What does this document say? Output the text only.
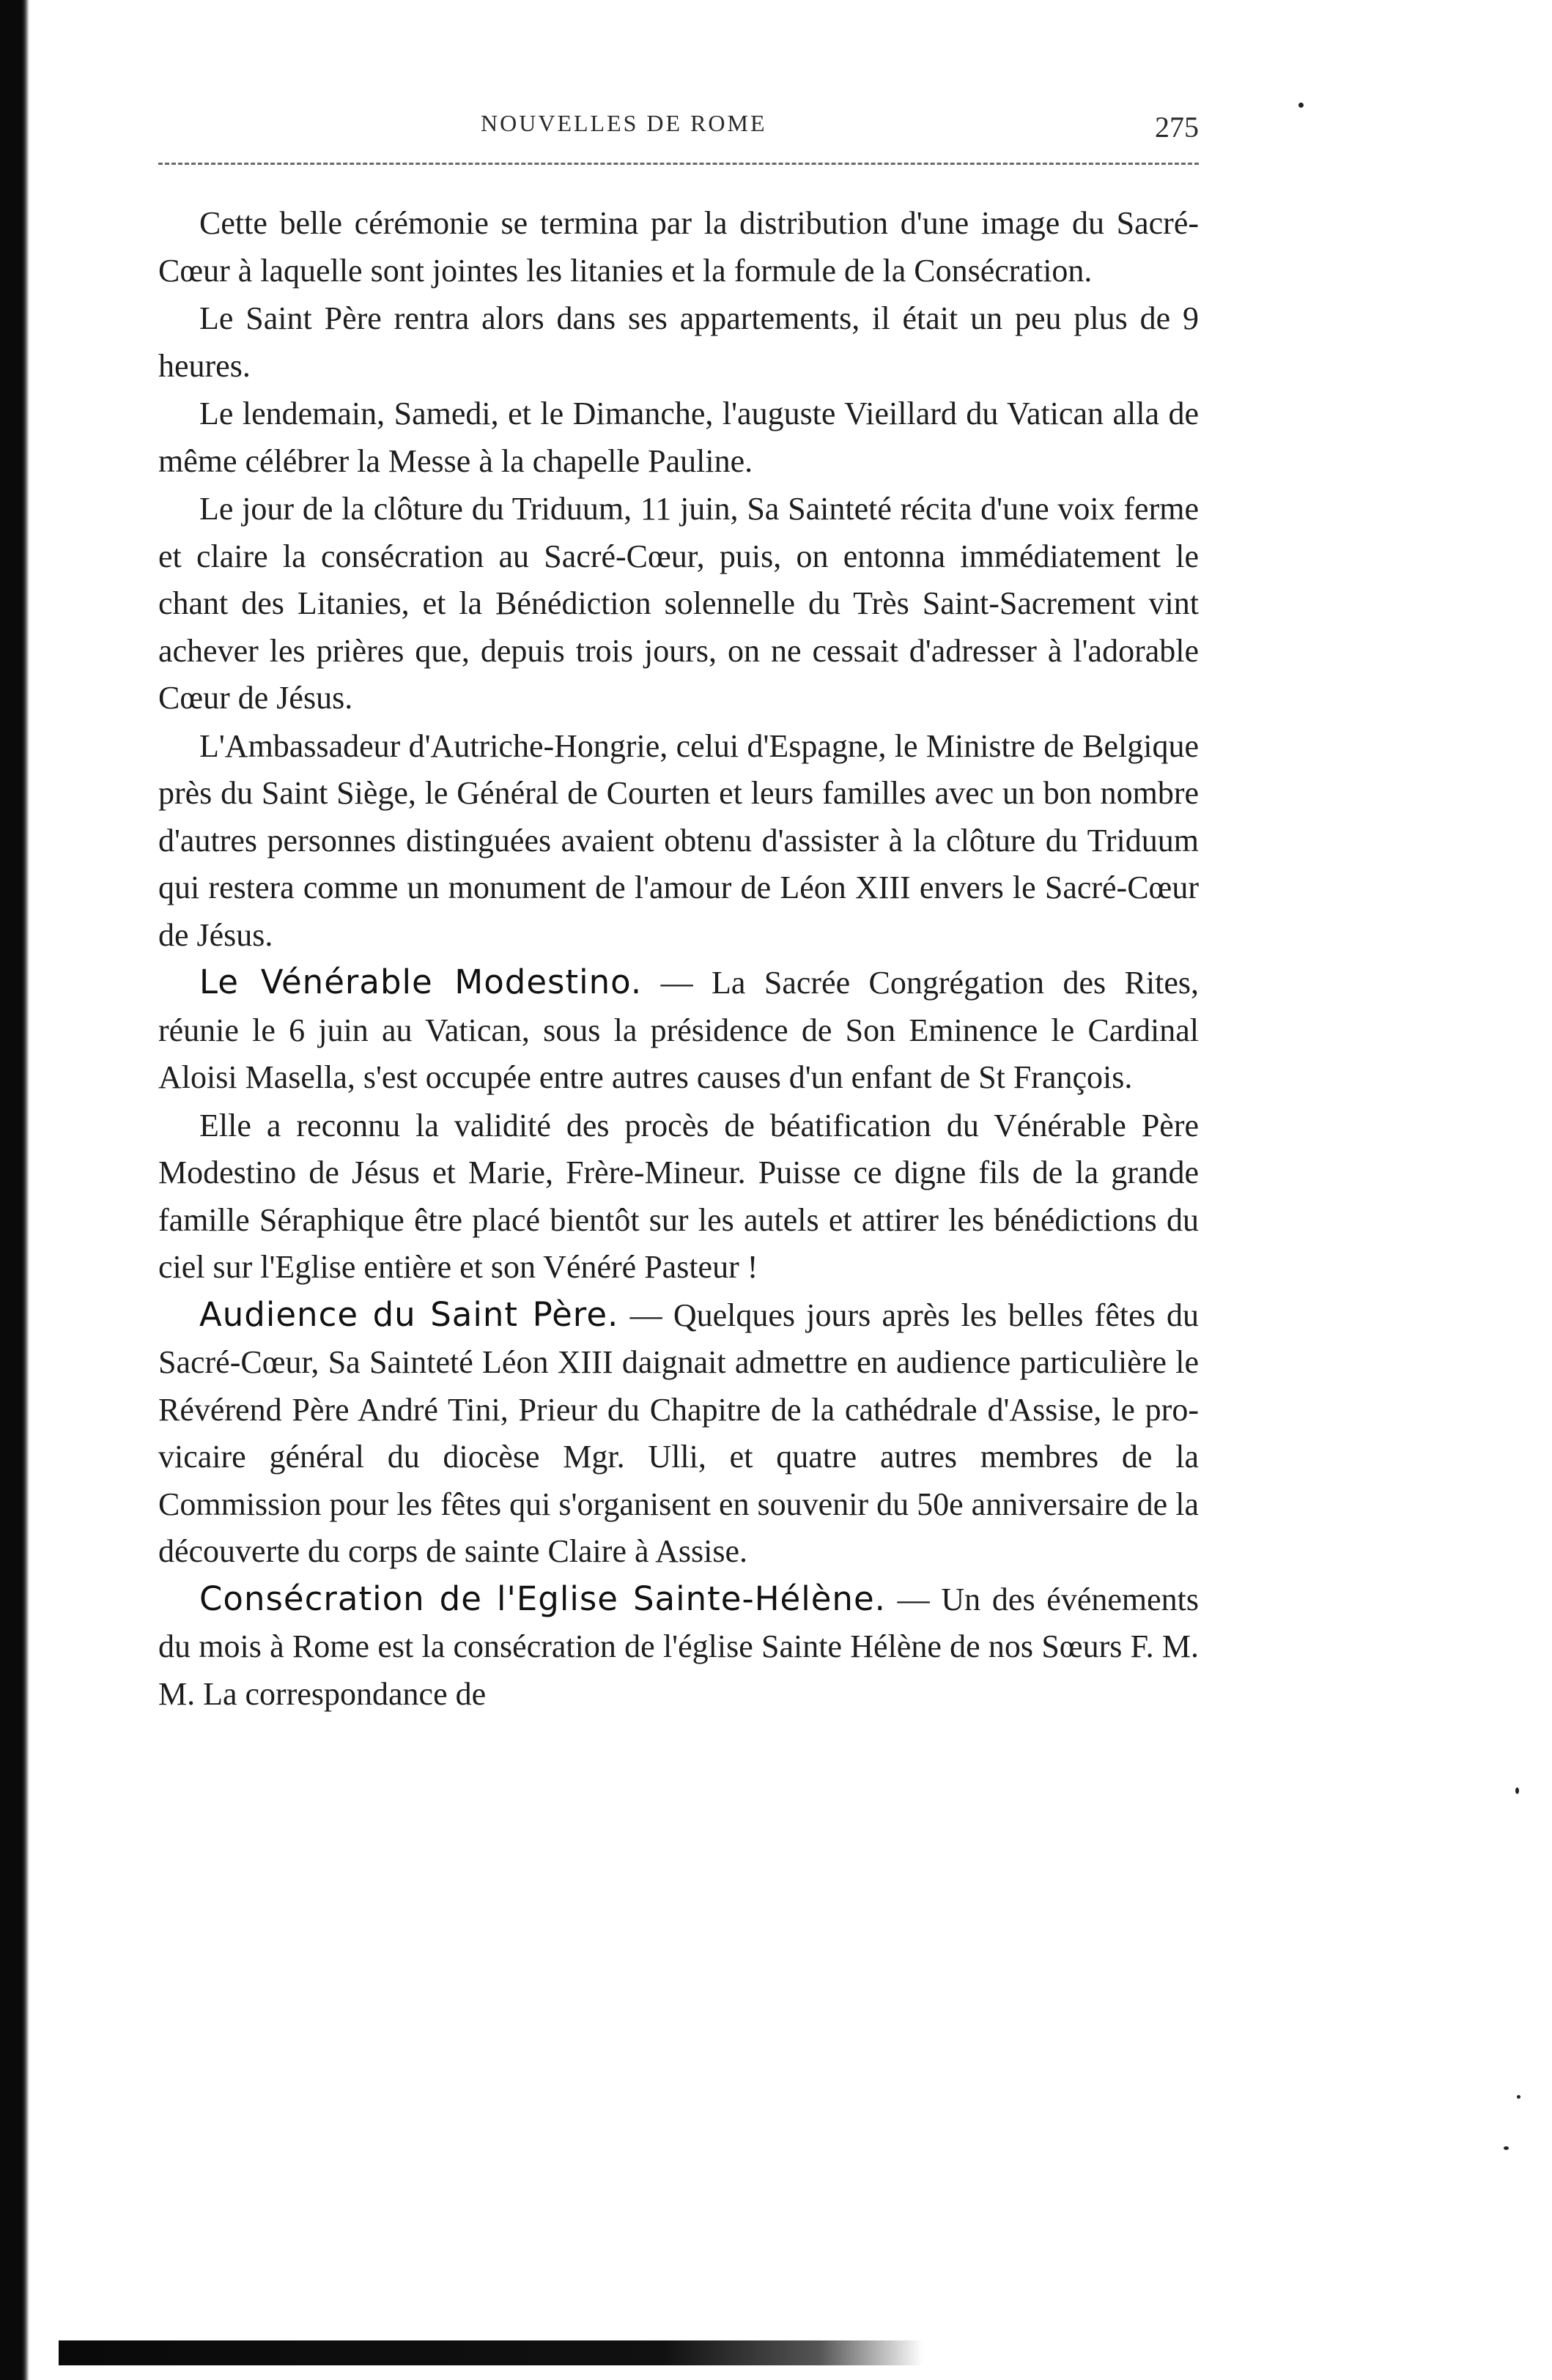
NOUVELLES DE ROME	275

Cette belle cérémonie se termina par la distribution d'une image du Sacré-Cœur à laquelle sont jointes les litanies et la formule de la Consécration.

Le Saint Père rentra alors dans ses appartements, il était un peu plus de 9 heures.

Le lendemain, Samedi, et le Dimanche, l'auguste Vieillard du Vatican alla de même célébrer la Messe à la chapelle Pauline.

Le jour de la clôture du Triduum, 11 juin, Sa Sainteté récita d'une voix ferme et claire la consécration au Sacré-Cœur, puis, on entonna immédiatement le chant des Litanies, et la Bénédiction solennelle du Très Saint-Sacrement vint achever les prières que, depuis trois jours, on ne cessait d'adresser à l'adorable Cœur de Jésus.

L'Ambassadeur d'Autriche-Hongrie, celui d'Espagne, le Ministre de Belgique près du Saint Siège, le Général de Courten et leurs familles avec un bon nombre d'autres personnes distinguées avaient obtenu d'assister à la clôture du Triduum qui restera comme un monument de l'amour de Léon XIII envers le Sacré-Cœur de Jésus.

Le Vénérable Modestino. — La Sacrée Congrégation des Rites, réunie le 6 juin au Vatican, sous la présidence de Son Eminence le Cardinal Aloisi Masella, s'est occupée entre autres causes d'un enfant de St François.

Elle a reconnu la validité des procès de béatification du Vénérable Père Modestino de Jésus et Marie, Frère-Mineur. Puisse ce digne fils de la grande famille Séraphique être placé bientôt sur les autels et attirer les bénédictions du ciel sur l'Eglise entière et son Vénéré Pasteur !

Audience du Saint Père. — Quelques jours après les belles fêtes du Sacré-Cœur, Sa Sainteté Léon XIII daignait admettre en audience particulière le Révérend Père André Tini, Prieur du Chapitre de la cathédrale d'Assise, le pro-vicaire général du diocèse Mgr. Ulli, et quatre autres membres de la Commission pour les fêtes qui s'organisent en souvenir du 50e anniversaire de la découverte du corps de sainte Claire à Assise.

Consécration de l'Eglise Sainte-Hélène. — Un des événements du mois à Rome est la consécration de l'église Sainte Hélène de nos Sœurs F. M. M. La correspondance de
